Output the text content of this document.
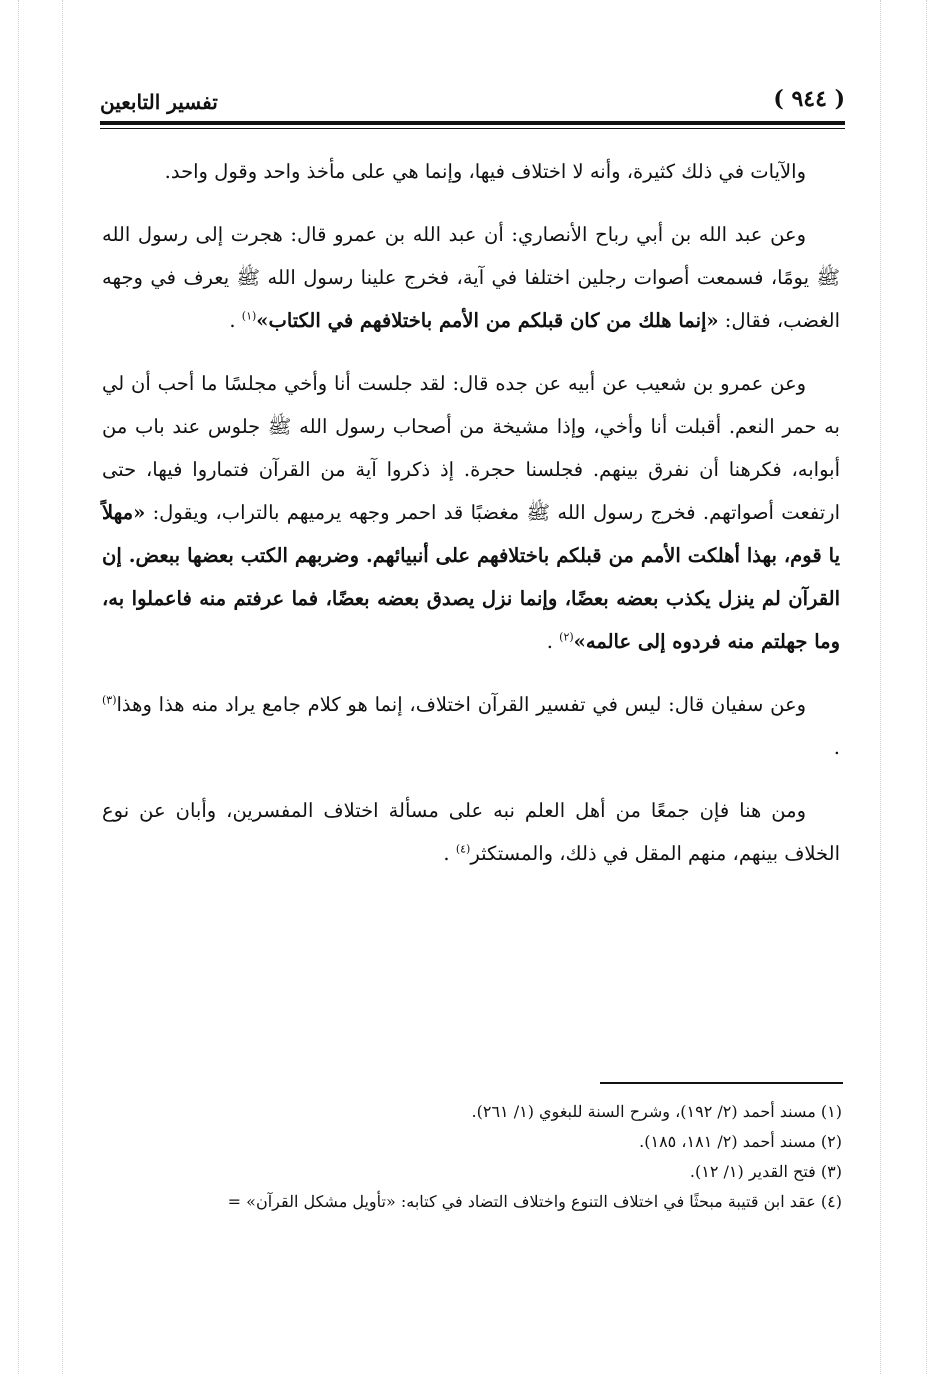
( ٩٤٤ )
تفسير التابعين

والآيات في ذلك كثيرة، وأنه لا اختلاف فيها، وإنما هي على مأخذ واحد وقول واحد.

وعن عبد الله بن أبي رباح الأنصاري: أن عبد الله بن عمرو قال: هجرت إلى رسول الله ﷺ يومًا، فسمعت أصوات رجلين اختلفا في آية، فخرج علينا رسول الله ﷺ يعرف في وجهه الغضب، فقال: «إنما هلك من كان قبلكم من الأمم باختلافهم في الكتاب»$^{(١)}$ .

وعن عمرو بن شعيب عن أبيه عن جده قال: لقد جلست أنا وأخي مجلسًا ما أحب أن لي به حمر النعم. أقبلت أنا وأخي، وإذا مشيخة من أصحاب رسول الله ﷺ جلوس عند باب من أبوابه، فكرهنا أن نفرق بينهم. فجلسنا حجرة. إذ ذكروا آية من القرآن فتماروا فيها، حتى ارتفعت أصواتهم. فخرج رسول الله ﷺ مغضبًا قد احمر وجهه يرميهم بالتراب، ويقول: «مهلاً يا قوم، بهذا أهلكت الأمم من قبلكم باختلافهم على أنبيائهم. وضربهم الكتب بعضها ببعض. إن القرآن لم ينزل يكذب بعضه بعضًا، وإنما نزل يصدق بعضه بعضًا، فما عرفتم منه فاعملوا به، وما جهلتم منه فردوه إلى عالمه»$^{(٢)}$ .

وعن سفيان قال: ليس في تفسير القرآن اختلاف، إنما هو كلام جامع يراد منه هذا وهذا$^{(٣)}$ .

ومن هنا فإن جمعًا من أهل العلم نبه على مسألة اختلاف المفسرين، وأبان عن نوع الخلاف بينهم، منهم المقل في ذلك، والمستكثر$^{(٤)}$ .

(١) مسند أحمد (٢/ ١٩٢)، وشرح السنة للبغوي (١/ ٢٦١).
(٢) مسند أحمد (٢/ ١٨١، ١٨٥).
(٣) فتح القدير (١/ ١٢).
(٤) عقد ابن قتيبة مبحثًا في اختلاف التنوع واختلاف التضاد في كتابه: «تأويل مشكل القرآن» =
